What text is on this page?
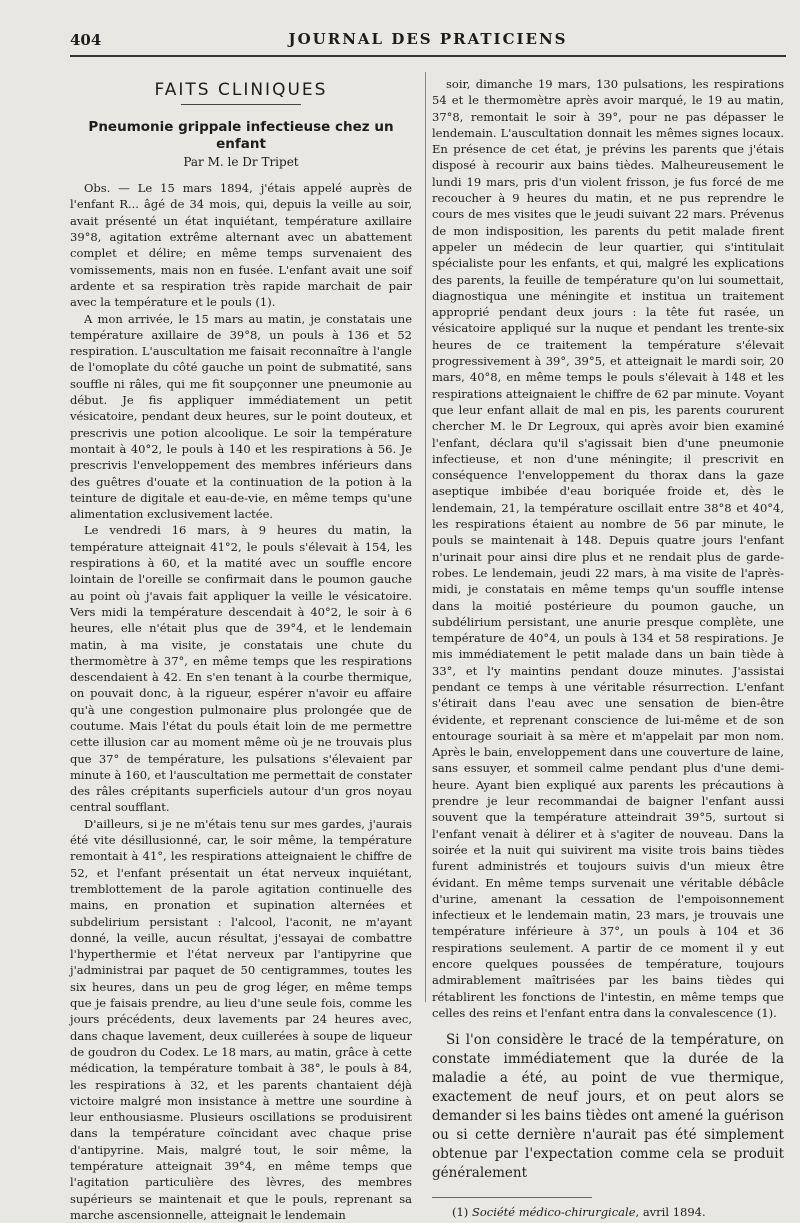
404	JOURNAL DES PRATICIENS
FAITS CLINIQUES
Pneumonie grippale infectieuse chez un enfant
Par M. le Dr Tripet

Obs. — Le 15 mars 1894, j'étais appelé auprès de l'enfant R... âgé de 34 mois, qui, depuis la veille au soir, avait présenté un état inquiétant, température axillaire 39°8, agitation extrême alternant avec un abattement complet et délire; en même temps survenaient des vomissements, mais non en fusée. L'enfant avait une soif ardente et sa respiration très rapide marchait de pair avec la température et le pouls (1).

A mon arrivée, le 15 mars au matin, je constatais une température axillaire de 39°8, un pouls à 136 et 52 respiration. L'auscultation me faisait reconnaître à l'angle de l'omoplate du côté gauche un point de submatité, sans souffle ni râles, qui me fit soupçonner une pneumonie au début. Je fis appliquer immédiatement un petit vésicatoire, pendant deux heures, sur le point douteux, et prescrivis une potion alcoolique. Le soir la température montait à 40°2, le pouls à 140 et les respirations à 56. Je prescrivis l'enveloppement des membres inférieurs dans des guêtres d'ouate et la continuation de la potion à la teinture de digitale et eau-de-vie, en même temps qu'une alimentation exclusivement lactée.

Le vendredi 16 mars, à 9 heures du matin, la température atteignait 41°2, le pouls s'élevait à 154, les respirations à 60, et la matité avec un souffle encore lointain de l'oreille se confirmait dans le poumon gauche au point où j'avais fait appliquer la veille le vésicatoire. Vers midi la température descendait à 40°2, le soir à 6 heures, elle n'était plus que de 39°4, et le lendemain matin, à ma visite, je constatais une chute du thermomètre à 37°, en même temps que les respirations descendaient à 42. En s'en tenant à la courbe thermique, on pouvait donc, à la rigueur, espérer n'avoir eu affaire qu'à une congestion pulmonaire plus prolongée que de coutume. Mais l'état du pouls était loin de me permettre cette illusion car au moment même où je ne trouvais plus que 37° de température, les pulsations s'élevaient par minute à 160, et l'auscultation me permettait de constater des râles crépitants superficiels autour d'un gros noyau central soufflant.

D'ailleurs, si je ne m'étais tenu sur mes gardes, j'aurais été vite désillusionné, car, le soir même, la température remontait à 41°, les respirations atteignaient le chiffre de 52, et l'enfant présentait un état nerveux inquiétant, tremblottement de la parole agitation continuelle des mains, en pronation et supination alternées et subdelirium persistant : l'alcool, l'aconit, ne m'ayant donné, la veille, aucun résultat, j'essayai de combattre l'hyperthermie et l'état nerveux par l'antipyrine que j'administrai par paquet de 50 centigrammes, toutes les six heures, dans un peu de grog léger, en même temps que je faisais prendre, au lieu d'une seule fois, comme les jours précédents, deux lavements par 24 heures avec, dans chaque lavement, deux cuillerées à soupe de liqueur de goudron du Codex. Le 18 mars, au matin, grâce à cette médication, la température tombait à 38°, le pouls à 84, les respirations à 32, et les parents chantaient déjà victoire malgré mon insistance à mettre une sourdine à leur enthousiasme. Plusieurs oscillations se produisirent dans la température coïncidant avec chaque prise d'antipyrine. Mais, malgré tout, le soir même, la température atteignait 39°4, en même temps que l'agitation particulière des lèvres, des membres supérieurs se maintenait et que le pouls, reprenant sa marche ascensionnelle, atteignait le lendemain

soir, dimanche 19 mars, 130 pulsations, les respirations 54 et le thermomètre après avoir marqué, le 19 au matin, 37°8, remontait le soir à 39°, pour ne pas dépasser le lendemain. L'auscultation donnait les mêmes signes locaux. En présence de cet état, je prévins les parents que j'étais disposé à recourir aux bains tièdes. Malheureusement le lundi 19 mars, pris d'un violent frisson, je fus forcé de me recoucher à 9 heures du matin, et ne pus reprendre le cours de mes visites que le jeudi suivant 22 mars. Prévenus de mon indisposition, les parents du petit malade firent appeler un médecin de leur quartier, qui s'intitulait spécialiste pour les enfants, et qui, malgré les explications des parents, la feuille de température qu'on lui soumettait, diagnostiqua une méningite et institua un traitement approprié pendant deux jours : la tête fut rasée, un vésicatoire appliqué sur la nuque et pendant les trente-six heures de ce traitement la température s'élevait progressivement à 39°, 39°5, et atteignait le mardi soir, 20 mars, 40°8, en même temps le pouls s'élevait à 148 et les respirations atteignaient le chiffre de 62 par minute. Voyant que leur enfant allait de mal en pis, les parents coururent chercher M. le Dr Legroux, qui après avoir bien examiné l'enfant, déclara qu'il s'agissait bien d'une pneumonie infectieuse, et non d'une méningite; il prescrivit en conséquence l'enveloppement du thorax dans la gaze aseptique imbibée d'eau boriquée froide et, dès le lendemain, 21, la température oscillait entre 38°8 et 40°4, les respirations étaient au nombre de 56 par minute, le pouls se maintenait à 148. Depuis quatre jours l'enfant n'urinait pour ainsi dire plus et ne rendait plus de garde-robes. Le lendemain, jeudi 22 mars, à ma visite de l'après-midi, je constatais en même temps qu'un souffle intense dans la moitié postérieure du poumon gauche, un subdélirium persistant, une anurie presque complète, une température de 40°4, un pouls à 134 et 58 respirations. Je mis immédiatement le petit malade dans un bain tiède à 33°, et l'y maintins pendant douze minutes. J'assistai pendant ce temps à une véritable résurrection. L'enfant s'étirait dans l'eau avec une sensation de bien-être évidente, et reprenant conscience de lui-même et de son entourage souriait à sa mère et m'appelait par mon nom. Après le bain, enveloppement dans une couverture de laine, sans essuyer, et sommeil calme pendant plus d'une demi-heure. Ayant bien expliqué aux parents les précautions à prendre je leur recommandai de baigner l'enfant aussi souvent que la température atteindrait 39°5, surtout si l'enfant venait à délirer et à s'agiter de nouveau. Dans la soirée et la nuit qui suivirent ma visite trois bains tièdes furent administrés et toujours suivis d'un mieux être évidant. En même temps survenait une véritable débâcle d'urine, amenant la cessation de l'empoisonnement infectieux et le lendemain matin, 23 mars, je trouvais une température inférieure à 37°, un pouls à 104 et 36 respirations seulement. A partir de ce moment il y eut encore quelques poussées de température, toujours admirablement maîtrisées par les bains tièdes qui rétablirent les fonctions de l'intestin, en même temps que celles des reins et l'enfant entra dans la convalescence (1).

Si l'on considère le tracé de la température, on constate immédiatement que la durée de la maladie a été, au point de vue thermique, exactement de neuf jours, et on peut alors se demander si les bains tièdes ont amené la guérison ou si cette dernière n'aurait pas été simplement obtenue par l'expectation comme cela se produit généralement

(1) Société médico-chirurgicale, avril 1894.
